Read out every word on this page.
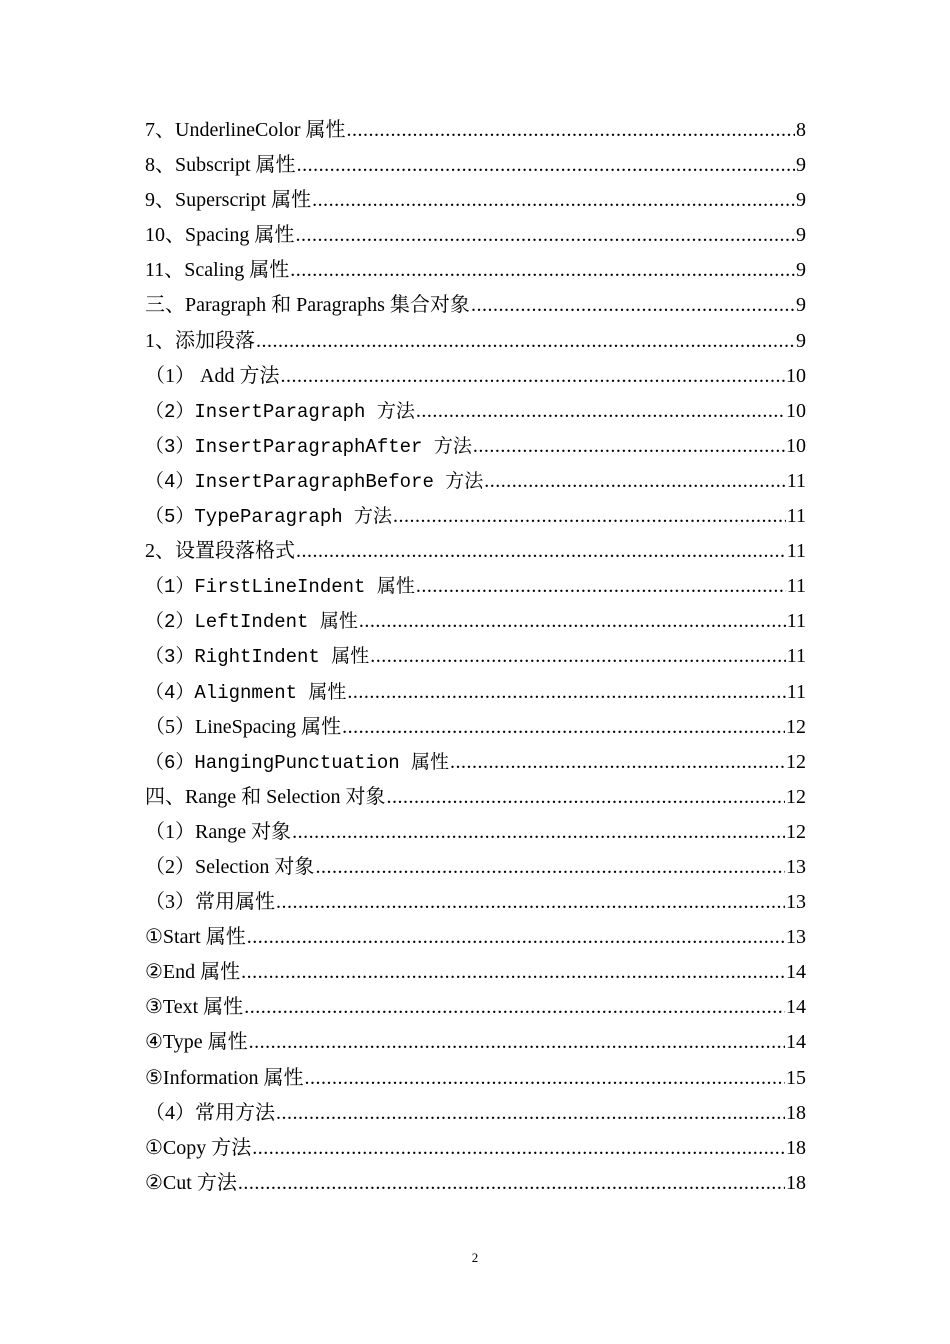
7、UnderlineColor 属性 .....	8
8、Subscript 属性 .....	9
9、Superscript 属性 .....	9
10、Spacing 属性 .....	9
11、Scaling 属性 .....	9
三、Paragraph 和 Paragraphs 集合对象 .....	9
1、添加段落 .....	9
（1） Add 方法 .....	10
（2）InsertParagraph 方法 .....	10
（3）InsertParagraphAfter 方法 .....	10
（4）InsertParagraphBefore 方法 .....	11
（5）TypeParagraph 方法 .....	11
2、设置段落格式 .....	11
（1）FirstLineIndent 属性 .....	11
（2）LeftIndent 属性 .....	11
（3）RightIndent 属性 .....	11
（4）Alignment 属性 .....	11
（5）LineSpacing 属性 .....	12
（6）HangingPunctuation 属性 .....	12
四、Range 和 Selection 对象 .....	12
（1）Range 对象 .....	12
（2）Selection 对象 .....	13
（3）常用属性 .....	13
①Start 属性 .....	13
②End 属性 .....	14
③Text 属性 .....	14
④Type 属性 .....	14
⑤Information 属性 .....	15
（4）常用方法 .....	18
①Copy 方法 .....	18
②Cut 方法 .....	18
2
